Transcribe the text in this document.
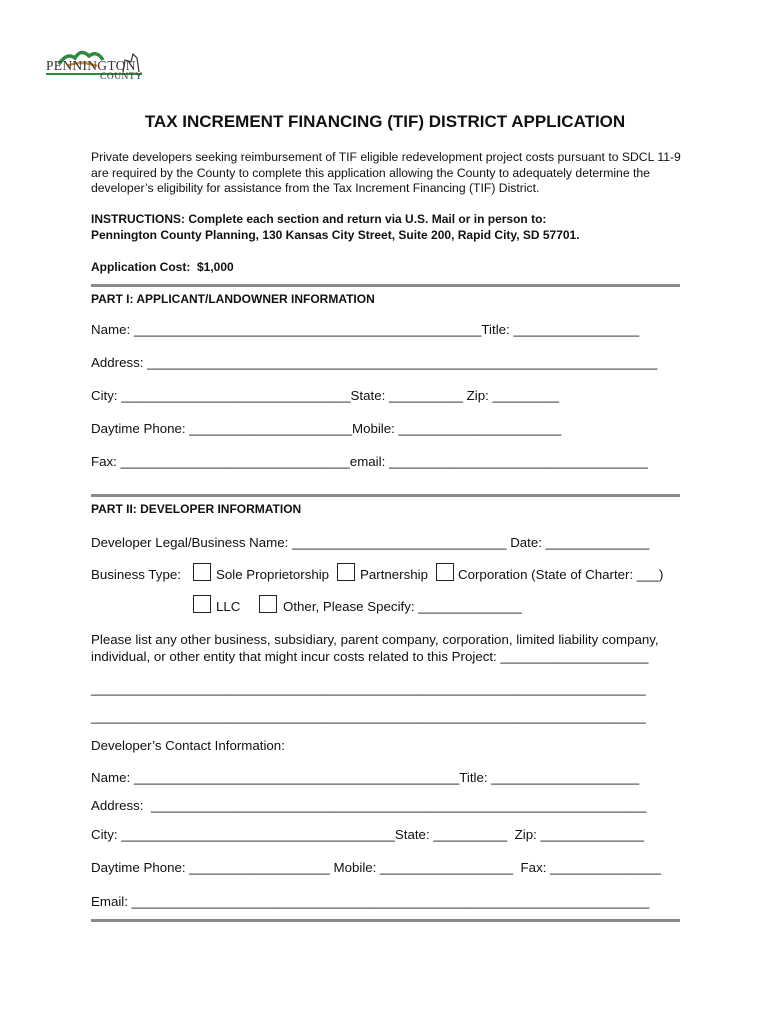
PENNINGTON

COUNTY

TAX INCREMENT FINANCING (TIF) DISTRICT APPLICATION
Private developers seeking reimbursement of TIF eligible redevelopment project costs pursuant to SDCL 11-9 are required by the County to complete this application allowing the County to adequately determine the developer’s eligibility for assistance from the Tax Increment Financing (TIF) District.
INSTRUCTIONS: Complete each section and return via U.S. Mail or in person to:
Pennington County Planning, 130 Kansas City Street, Suite 200, Rapid City, SD 57701.
Application Cost:  $1,000
PART I: APPLICANT/LANDOWNER INFORMATION
Name: _______________________________________________Title: _________________
Address: _____________________________________________________________________
City: _______________________________State: __________ Zip: _________
Daytime Phone: ______________________Mobile: ______________________
Fax: _______________________________email: ___________________________________
PART II: DEVELOPER INFORMATION
Developer Legal/Business Name: _____________________________ Date: ______________
Business Type:	Sole Proprietorship Partnership Corporation (State of Charter: ___)
LLC	Other, Please Specify: ______________
Please list any other business, subsidiary, parent company, corporation, limited liability company,
individual, or other entity that might incur costs related to this Project: ____________________
___________________________________________________________________________
___________________________________________________________________________
Developer’s Contact Information:
Name: ____________________________________________Title: ____________________
Address:  ___________________________________________________________________
City: _____________________________________State: __________  Zip: ______________
Daytime Phone: ___________________ Mobile: __________________  Fax: _______________
Email: ______________________________________________________________________
